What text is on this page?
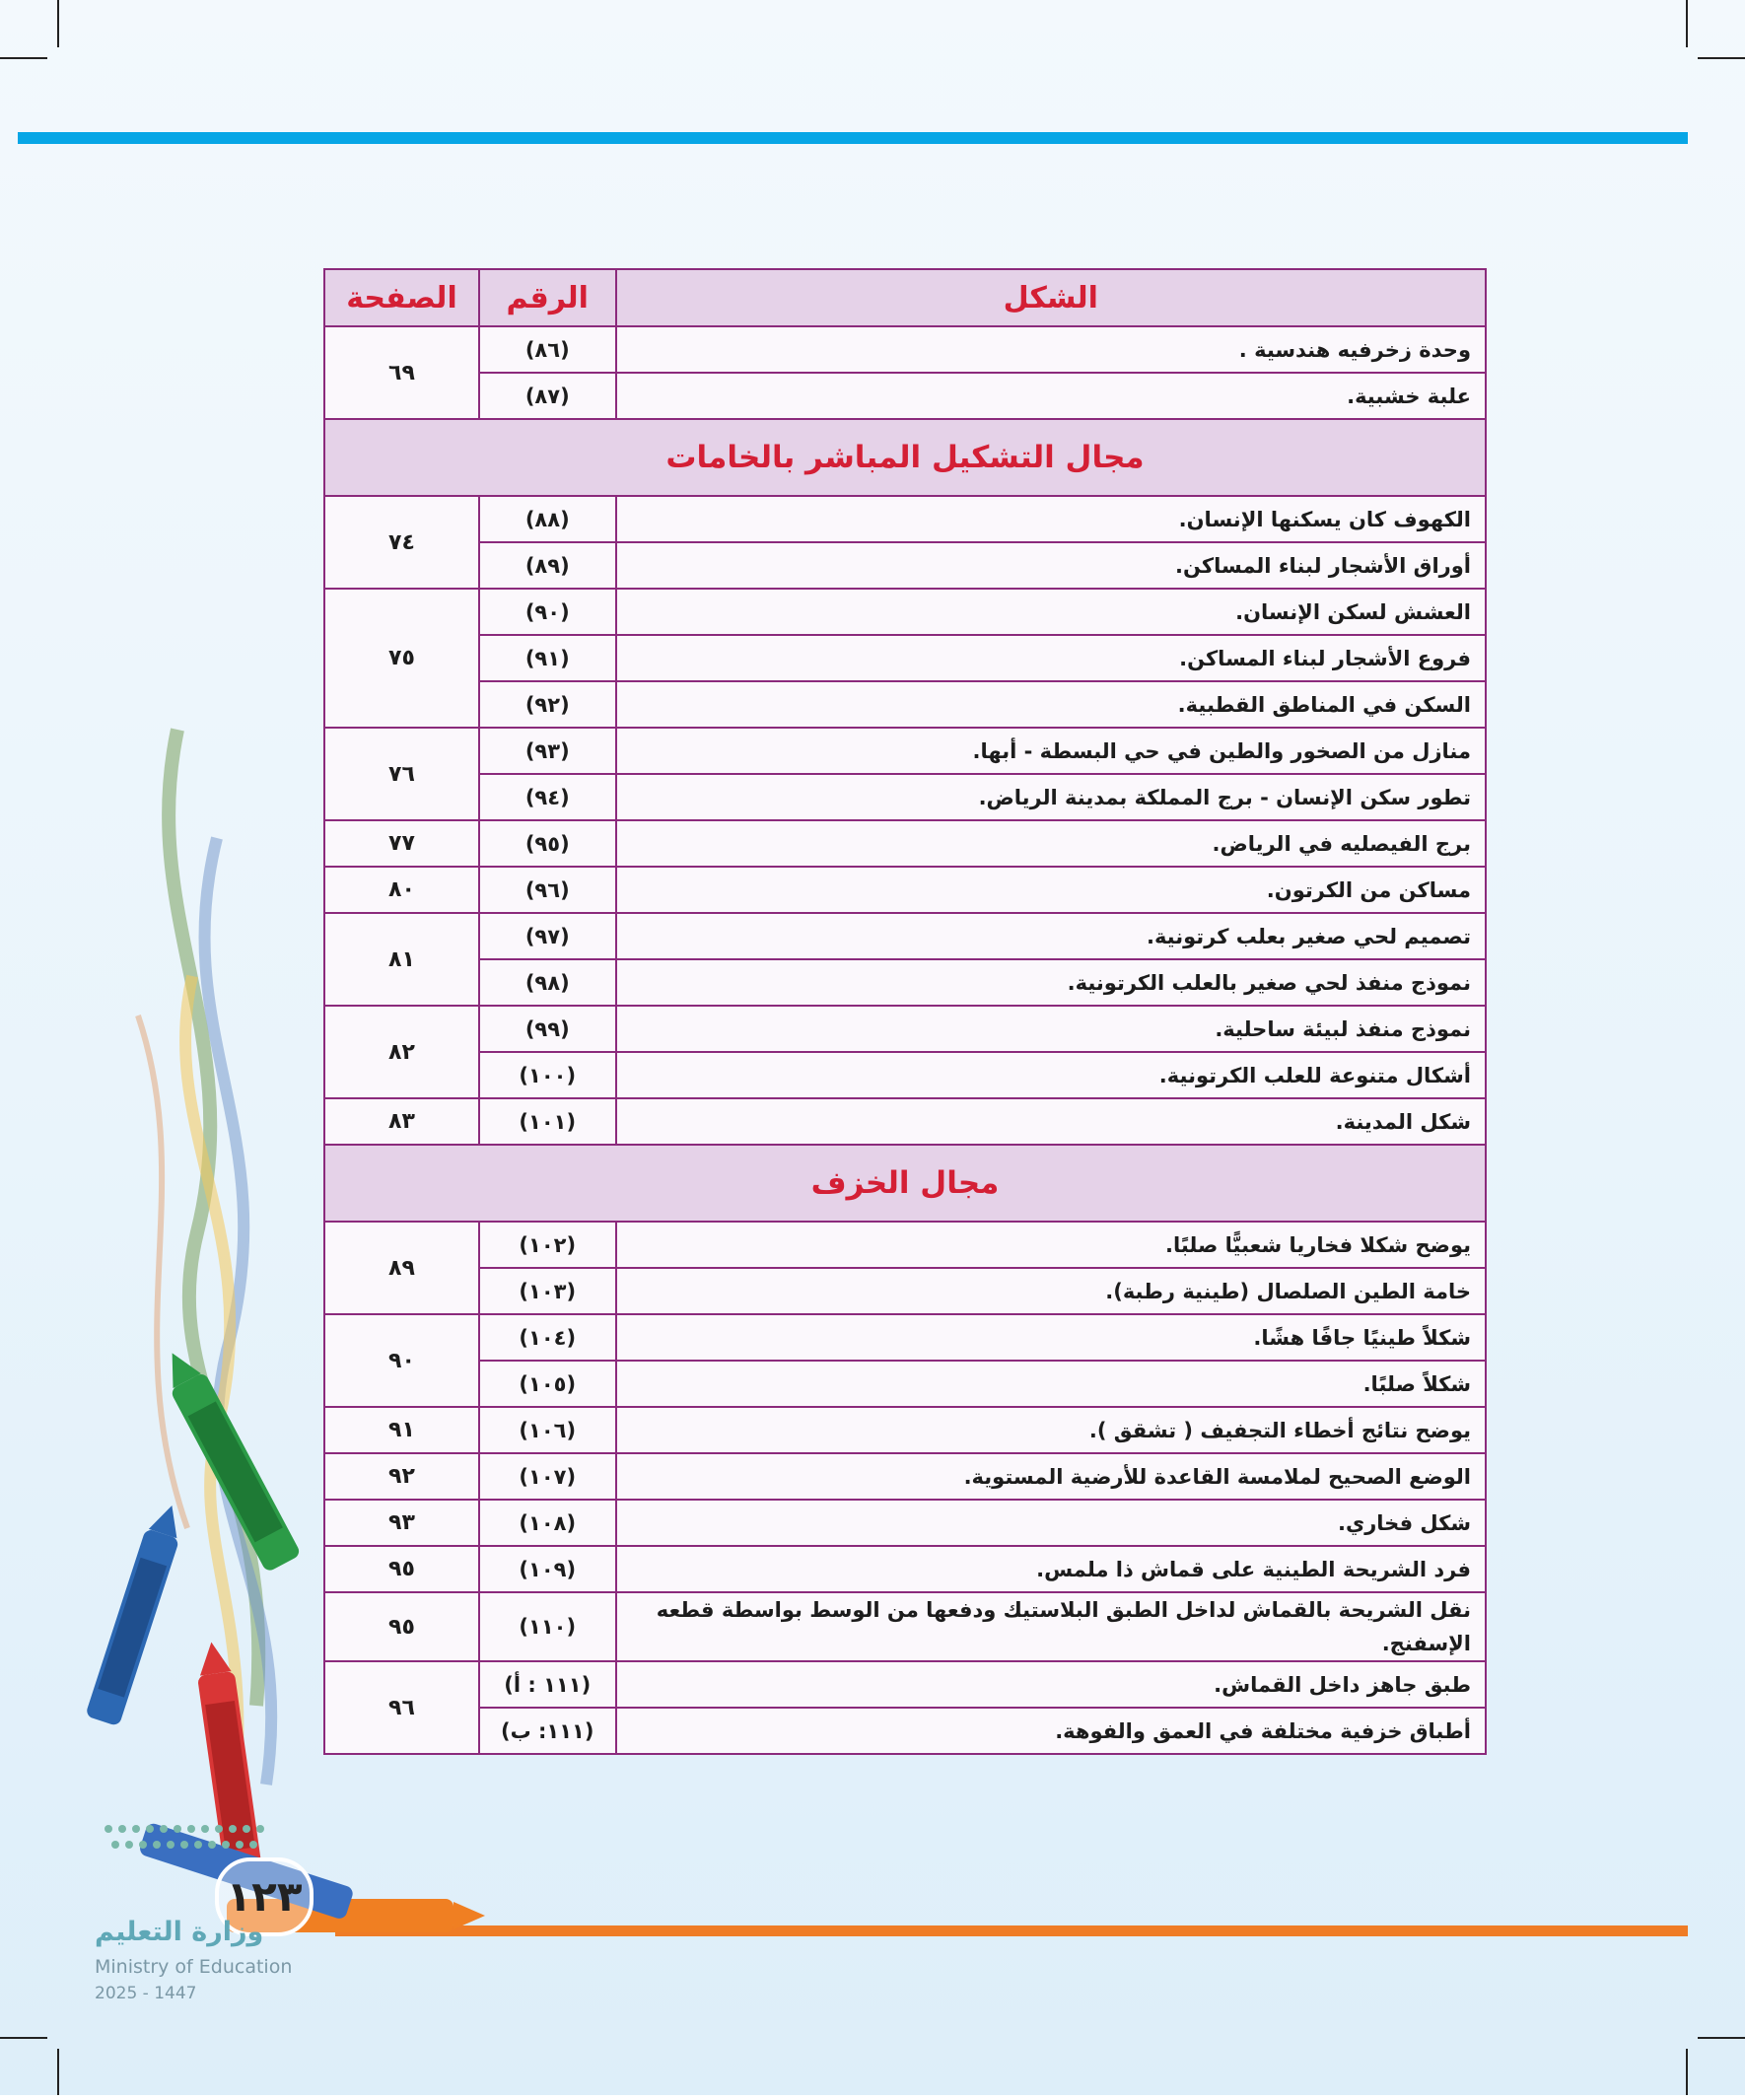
الشكل	الرقم	الصفحة
وحدة زخرفيه هندسية .	(٨٦)	٦٩
علبة خشبية.	(٨٧)	
مجال التشكيل المباشر بالخامات		
الكهوف كان يسكنها الإنسان.	(٨٨)	٧٤
أوراق الأشجار لبناء المساكن.	(٨٩)	
العشش لسكن الإنسان.	(٩٠)	٧٥
فروع الأشجار لبناء المساكن.	(٩١)	
السكن في المناطق القطبية.	(٩٢)	
منازل من الصخور والطين في حي البسطة - أبها.	(٩٣)	٧٦
تطور سكن الإنسان - برج المملكة بمدينة الرياض.	(٩٤)	
برج الفيصليه في الرياض.	(٩٥)	٧٧
مساكن من الكرتون.	(٩٦)	٨٠
تصميم لحي صغير بعلب كرتونية.	(٩٧)	٨١
نموذج منفذ لحي صغير بالعلب الكرتونية.	(٩٨)	
نموذج منفذ لبيئة ساحلية.	(٩٩)	٨٢
أشكال متنوعة للعلب الكرتونية.	(١٠٠)	
شكل المدينة.	(١٠١)	٨٣
مجال الخزف		
يوضح شكلا فخاريا شعبيًّا صلبًا.	(١٠٢)	٨٩
خامة الطين الصلصال (طينية رطبة).	(١٠٣)	
شكلاً طينيًا جافًا هشًا.	(١٠٤)	٩٠
شكلاً صلبًا.	(١٠٥)	
يوضح نتائج أخطاء التجفيف ( تشقق ).	(١٠٦)	٩١
الوضع الصحيح لملامسة القاعدة للأرضية المستوية.	(١٠٧)	٩٢
شكل فخاري.	(١٠٨)	٩٣
فرد الشريحة الطينية على قماش ذا ملمس.	(١٠٩)	٩٥
نقل الشريحة بالقماش لداخل الطبق البلاستيك ودفعها من الوسط بواسطة قطعه الإسفنج.	(١١٠)	٩٥
طبق جاهز داخل القماش.	(١١١ : أ)	٩٦
أطباق خزفية مختلفة في العمق والفوهة.	(١١١: ب)	
١٢٣
وزارة التعليم
Ministry of Education
2025 - 1447
